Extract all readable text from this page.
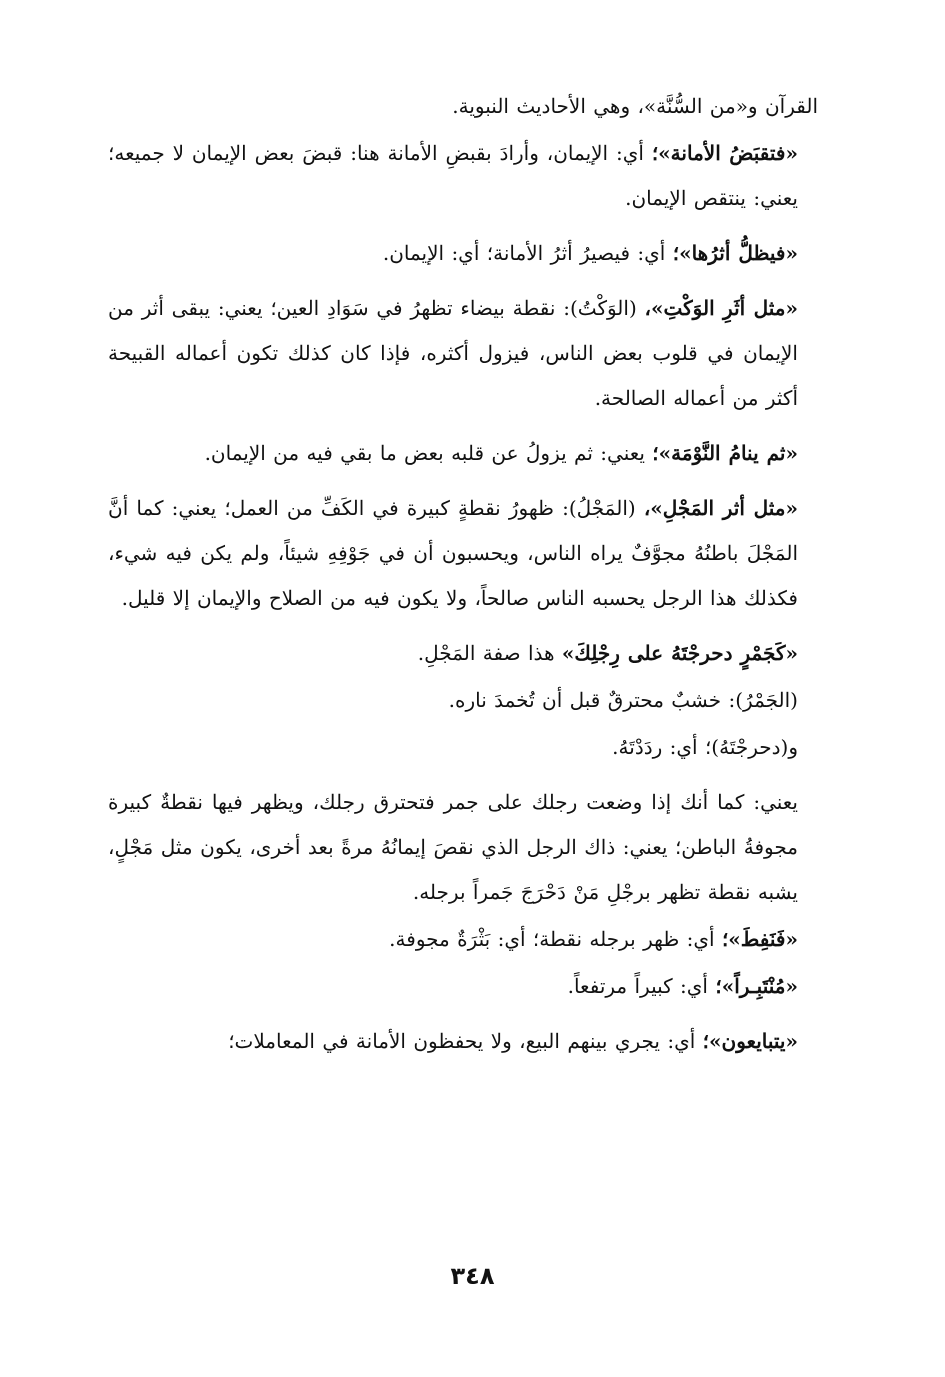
القرآن و«من السُّنَّة»، وهي الأحاديث النبوية.

«فتقبَضُ الأمانة»؛ أي: الإيمان، وأرادَ بقبضِ الأمانة هنا: قبضَ بعض الإيمان لا جميعه؛ يعني: ينتقص الإيمان.

«فيظلُّ أثرُها»؛ أي: فيصيرُ أثرُ الأمانة؛ أي: الإيمان.

«مثل أثَرِ الوَكْتِ»، (الوَكْتُ): نقطة بيضاء تظهرُ في سَوَادِ العين؛ يعني: يبقى أثر من الإيمان في قلوب بعض الناس، فيزول أكثره، فإذا كان كذلك تكون أعماله القبيحة أكثر من أعماله الصالحة.

«ثم ينامُ النَّوْمَة»؛ يعني: ثم يزولُ عن قلبه بعض ما بقي فيه من الإيمان.

«مثل أثر المَجْلِ»، (المَجْلُ): ظهورُ نقطةٍ كبيرة في الكَفِّ من العمل؛ يعني: كما أنَّ المَجْلَ باطنُهُ مجوَّفٌ يراه الناس، ويحسبون أن في جَوْفِهِ شيئاً، ولم يكن فيه شيء، فكذلك هذا الرجل يحسبه الناس صالحاً، ولا يكون فيه من الصلاح والإيمان إلا قليل.

«كَجَمْرٍ دحرجْتَهُ على رِجْلِكَ» هذا صفة المَجْلِ.

(الجَمْرُ): خشبٌ محترقٌ قبل أن تُخمدَ ناره.

و(دحرجْتَهُ)؛ أي: ردَدْتَهُ.

يعني: كما أنك إذا وضعت رجلك على جمر فتحترق رجلك، ويظهر فيها نقطةٌ كبيرة مجوفةُ الباطن؛ يعني: ذاك الرجل الذي نقصَ إيمانُهُ مرةً بعد أخرى، يكون مثل مَجْلٍ، يشبه نقطة تظهر برجْلِ مَنْ دَحْرَجَ جَمراً برجله.

«فَنَفِطَ»؛ أي: ظهر برجله نقطة؛ أي: بَثْرَةٌ مجوفة.

«مُنْتَبِـراً»؛ أي: كبيراً مرتفعاً.

«يتبايعون»؛ أي: يجري بينهم البيع، ولا يحفظون الأمانة في المعاملات؛

٣٤٨
